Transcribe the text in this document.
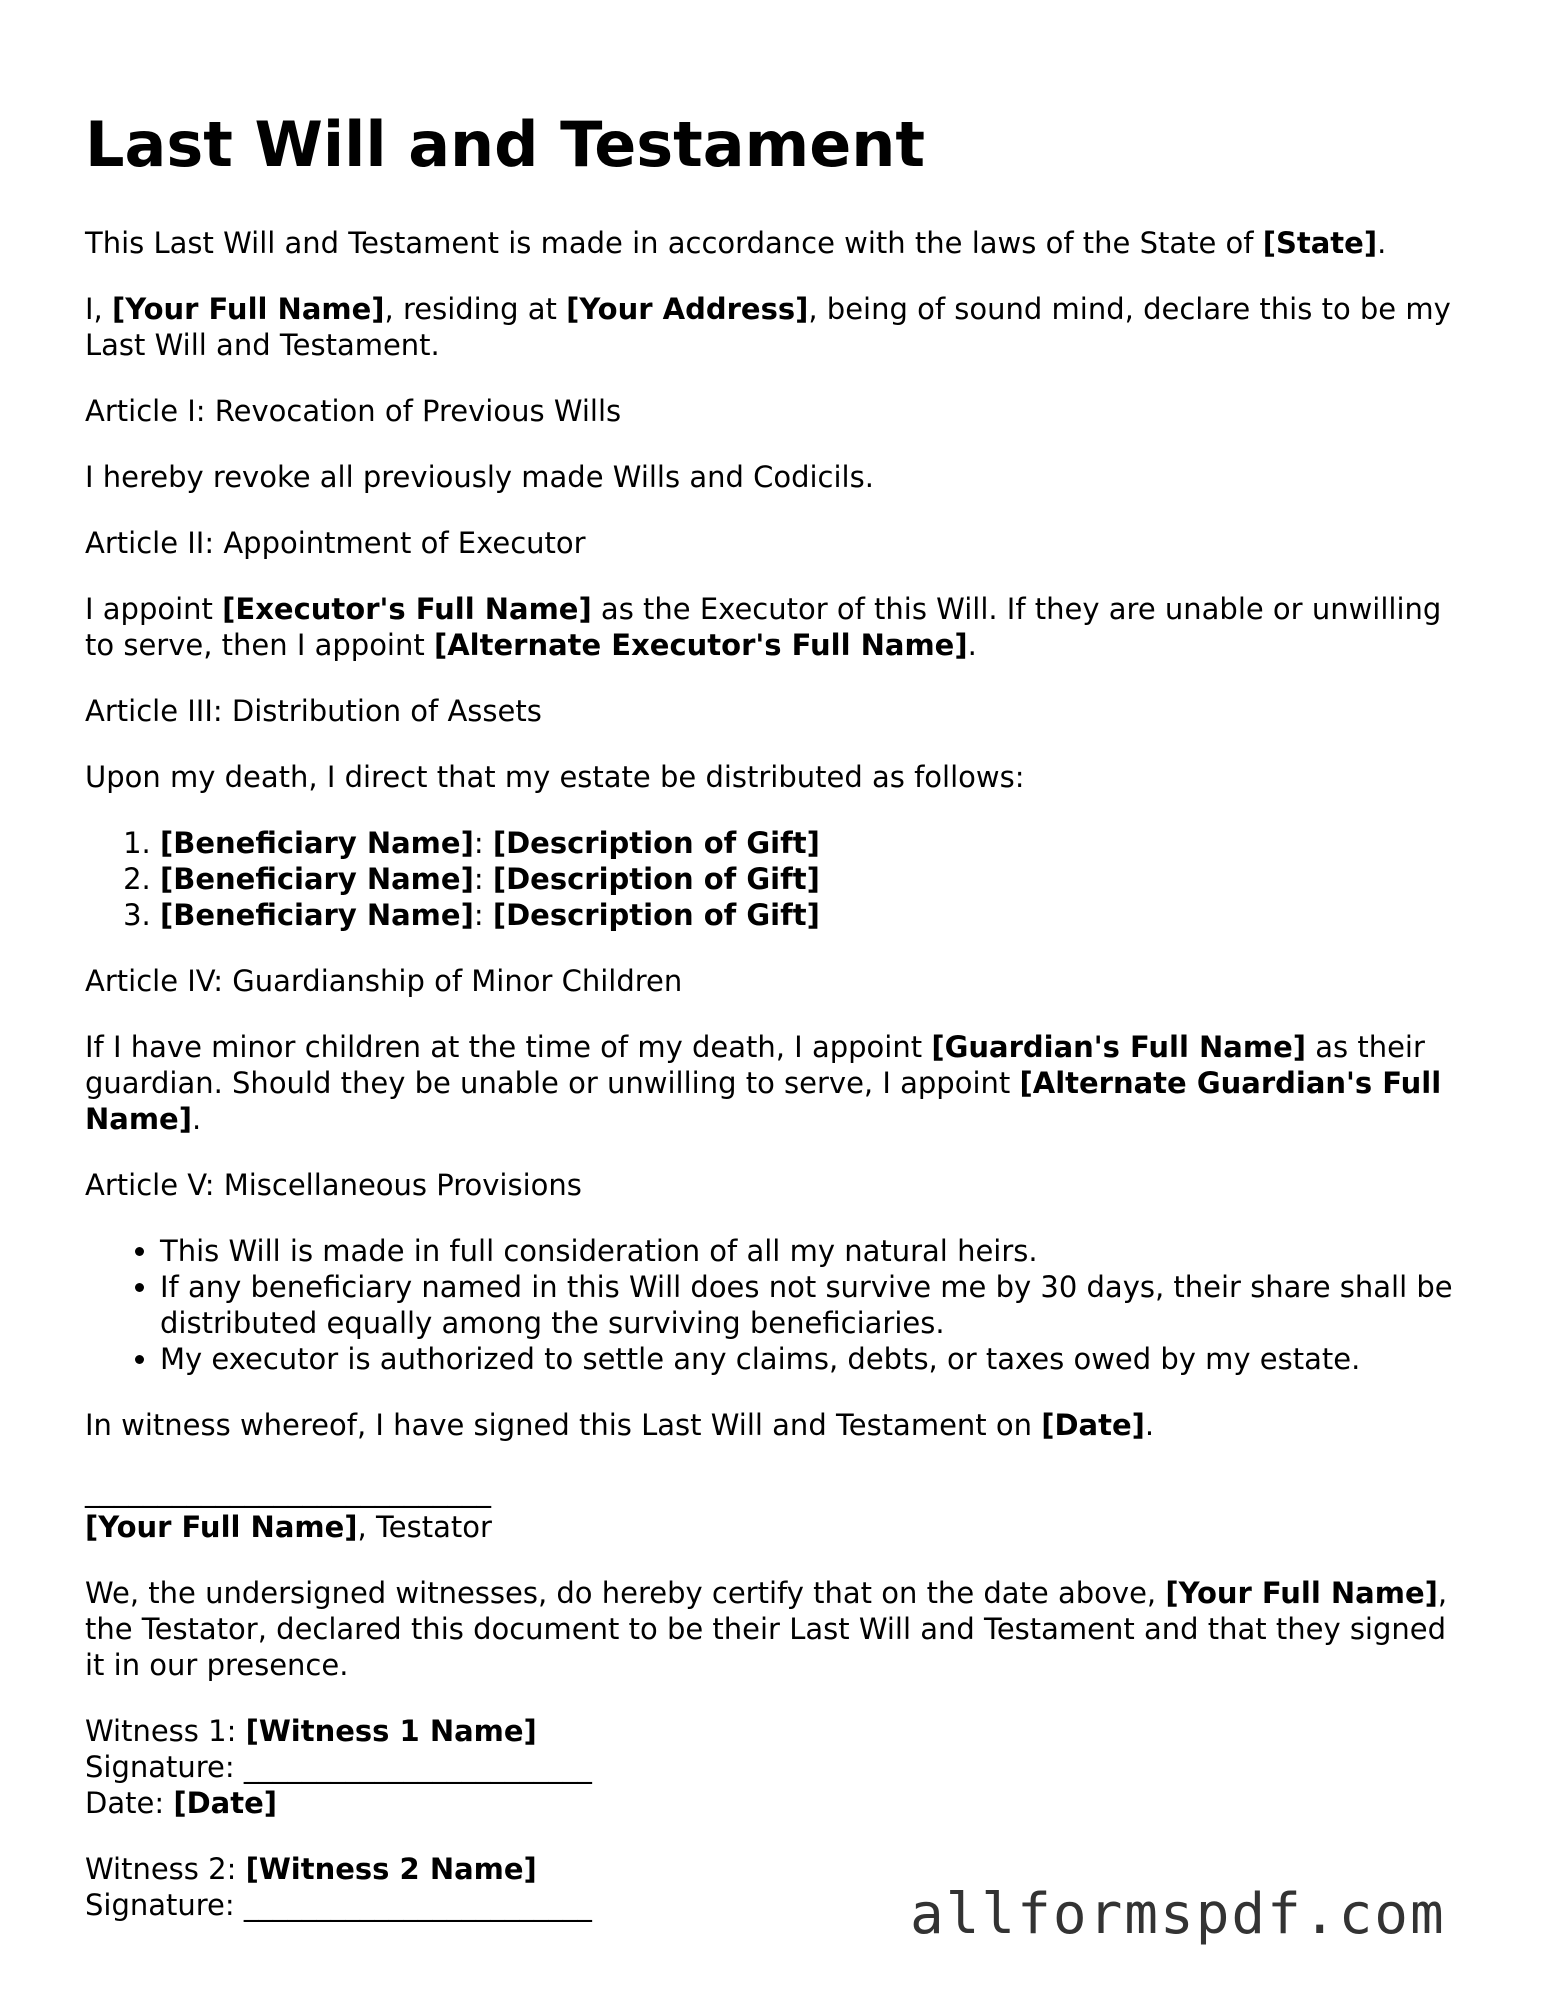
Last Will and Testament

This Last Will and Testament is made in accordance with the laws of the State of [State].

I, [Your Full Name], residing at [Your Address], being of sound mind, declare this to be my Last Will and Testament.

Article I: Revocation of Previous Wills

I hereby revoke all previously made Wills and Codicils.

Article II: Appointment of Executor

I appoint [Executor's Full Name] as the Executor of this Will. If they are unable or unwilling to serve, then I appoint [Alternate Executor's Full Name].

Article III: Distribution of Assets

Upon my death, I direct that my estate be distributed as follows:

1. [Beneficiary Name]: [Description of Gift]
2. [Beneficiary Name]: [Description of Gift]
3. [Beneficiary Name]: [Description of Gift]

Article IV: Guardianship of Minor Children

If I have minor children at the time of my death, I appoint [Guardian's Full Name] as their guardian. Should they be unable or unwilling to serve, I appoint [Alternate Guardian's Full Name].

Article V: Miscellaneous Provisions

• This Will is made in full consideration of all my natural heirs.
• If any beneficiary named in this Will does not survive me by 30 days, their share shall be distributed equally among the surviving beneficiaries.
• My executor is authorized to settle any claims, debts, or taxes owed by my estate.

In witness whereof, I have signed this Last Will and Testament on [Date].

____________________________

[Your Full Name], Testator

We, the undersigned witnesses, do hereby certify that on the date above, [Your Full Name], the Testator, declared this document to be their Last Will and Testament and that they signed it in our presence.

Witness 1: [Witness 1 Name]

Signature: ________________________

Date: [Date]

Witness 2: [Witness 2 Name]

Signature: ________________________	allformspdf.com
